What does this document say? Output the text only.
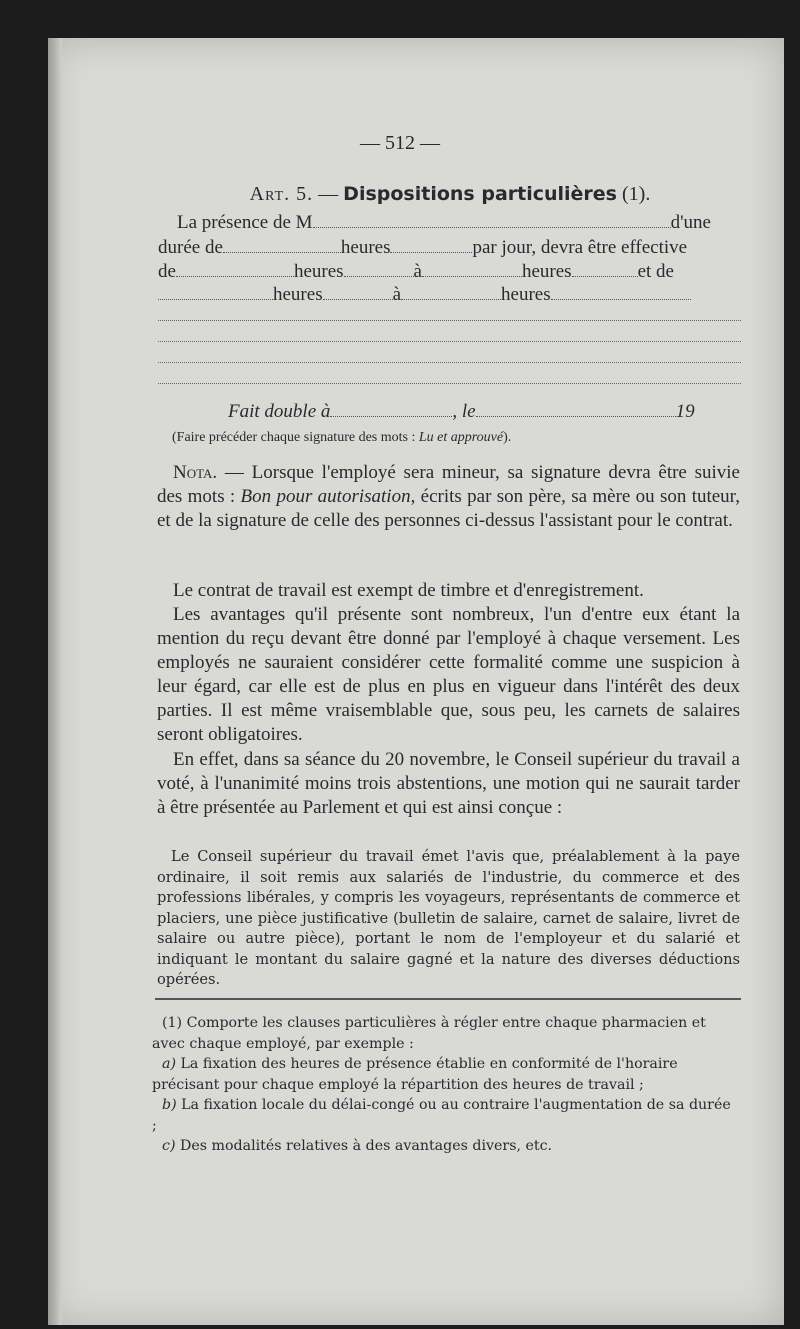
— 512 —
Art. 5. — Dispositions particulières (1).
La présence de M	d'une
durée de	heures	par jour, devra être effective
de	heures	à	heures	et de
heures	à	heures
Fait double à	, le	19
(Faire précéder chaque signature des mots : Lu et approuvé).
Nota. — Lorsque l'employé sera mineur, sa signature devra être suivie des mots : Bon pour autorisation, écrits par son père, sa mère ou son tuteur, et de la signature de celle des personnes ci-dessus l'assistant pour le contrat.
Le contrat de travail est exempt de timbre et d'enregistrement.
Les avantages qu'il présente sont nombreux, l'un d'entre eux étant la mention du reçu devant être donné par l'employé à chaque versement. Les employés ne sauraient considérer cette formalité comme une suspicion à leur égard, car elle est de plus en plus en vigueur dans l'intérêt des deux parties. Il est même vraisemblable que, sous peu, les carnets de salaires seront obligatoires.
En effet, dans sa séance du 20 novembre, le Conseil supérieur du travail a voté, à l'unanimité moins trois abstentions, une motion qui ne saurait tarder à être présentée au Parlement et qui est ainsi conçue :
Le Conseil supérieur du travail émet l'avis que, préalablement à la paye ordinaire, il soit remis aux salariés de l'industrie, du commerce et des professions libérales, y compris les voyageurs, représentants de commerce et placiers, une pièce justificative (bulletin de salaire, carnet de salaire, livret de salaire ou autre pièce), portant le nom de l'employeur et du salarié et indiquant le montant du salaire gagné et la nature des diverses déductions opérées.
(1) Comporte les clauses particulières à régler entre chaque pharmacien et avec chaque employé, par exemple :
a) La fixation des heures de présence établie en conformité de l'horaire précisant pour chaque employé la répartition des heures de travail ;
b) La fixation locale du délai-congé ou au contraire l'augmentation de sa durée ;
c) Des modalités relatives à des avantages divers, etc.
